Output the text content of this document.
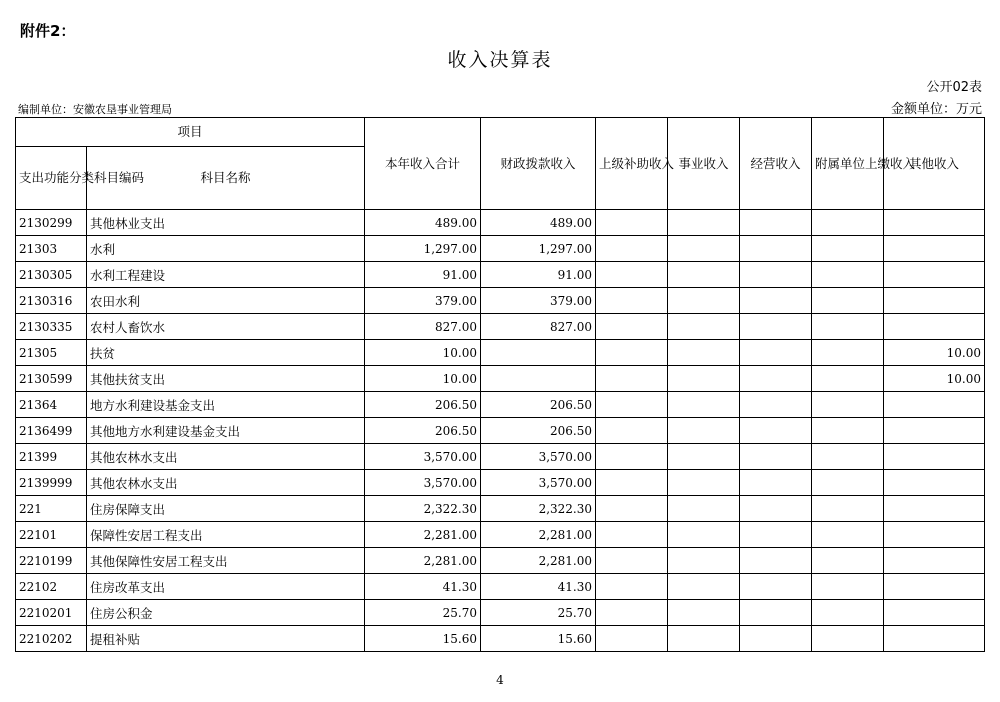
附件2：
收入决算表
公开02表
编制单位：安徽农垦事业管理局	金额单位：万元
项目		本年收入合计	财政拨款收入	上级补助收入	事业收入	经营收入	附属单位上缴收入	其他收入
支出功能分类科目编码	科目名称							
2130299	其他林业支出	489.00	489.00					
21303	水利	1,297.00	1,297.00					
2130305	水利工程建设	91.00	91.00					
2130316	农田水利	379.00	379.00					
2130335	农村人畜饮水	827.00	827.00					
21305	扶贫	10.00						10.00
2130599	其他扶贫支出	10.00						10.00
21364	地方水利建设基金支出	206.50	206.50					
2136499	其他地方水利建设基金支出	206.50	206.50					
21399	其他农林水支出	3,570.00	3,570.00					
2139999	其他农林水支出	3,570.00	3,570.00					
221	住房保障支出	2,322.30	2,322.30					
22101	保障性安居工程支出	2,281.00	2,281.00					
2210199	其他保障性安居工程支出	2,281.00	2,281.00					
22102	住房改革支出	41.30	41.30					
2210201	住房公积金	25.70	25.70					
2210202	提租补贴	15.60	15.60					
4
